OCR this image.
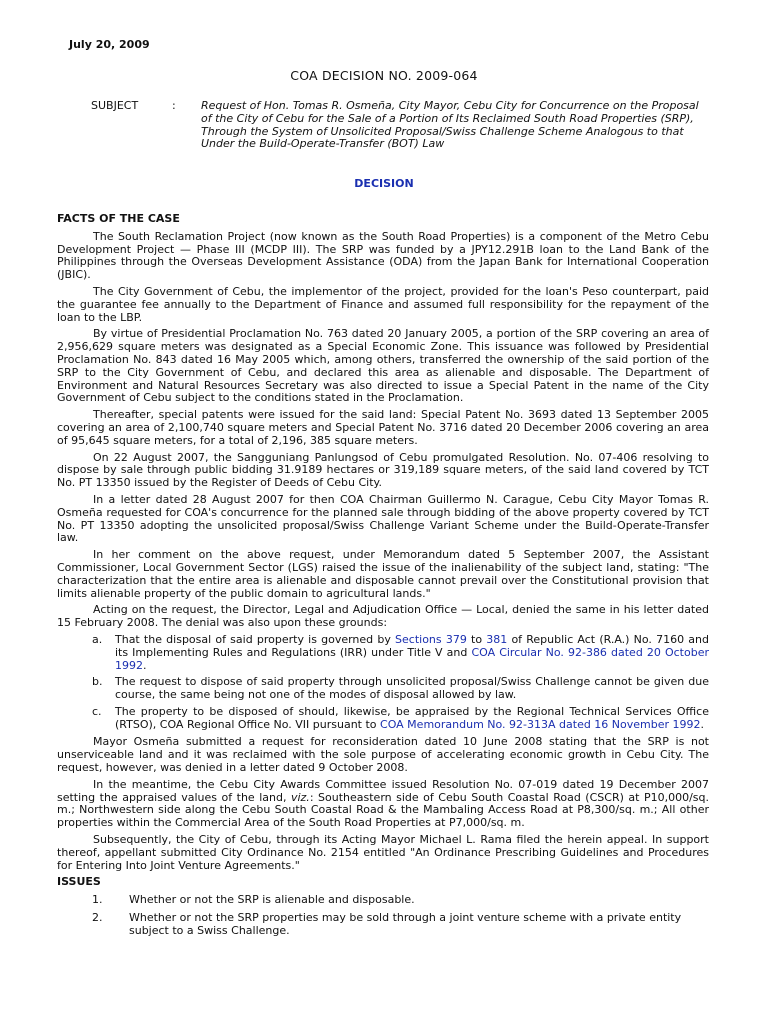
July 20, 2009
COA DECISION NO. 2009-064
SUBJECT	: Request of Hon. Tomas R. Osmeña, City Mayor, Cebu City for Concurrence on the Proposal of the City of Cebu for the Sale of a Portion of Its Reclaimed South Road Properties (SRP), Through the System of Unsolicited Proposal/Swiss Challenge Scheme Analogous to that Under the Build-Operate-Transfer (BOT) Law
DECISION
FACTS OF THE CASE

The South Reclamation Project (now known as the South Road Properties) is a component of the Metro Cebu Development Project — Phase III (MCDP III). The SRP was funded by a JPY12.291B loan to the Land Bank of the Philippines through the Overseas Development Assistance (ODA) from the Japan Bank for International Cooperation (JBIC).

The City Government of Cebu, the implementor of the project, provided for the loan's Peso counterpart, paid the guarantee fee annually to the Department of Finance and assumed full responsibility for the repayment of the loan to the LBP.

By virtue of Presidential Proclamation No. 763 dated 20 January 2005, a portion of the SRP covering an area of 2,956,629 square meters was designated as a Special Economic Zone. This issuance was followed by Presidential Proclamation No. 843 dated 16 May 2005 which, among others, transferred the ownership of the said portion of the SRP to the City Government of Cebu, and declared this area as alienable and disposable. The Department of Environment and Natural Resources Secretary was also directed to issue a Special Patent in the name of the City Government of Cebu subject to the conditions stated in the Proclamation.

Thereafter, special patents were issued for the said land: Special Patent No. 3693 dated 13 September 2005 covering an area of 2,100,740 square meters and Special Patent No. 3716 dated 20 December 2006 covering an area of 95,645 square meters, for a total of 2,196, 385 square meters.

On 22 August 2007, the Sangguniang Panlungsod of Cebu promulgated Resolution. No. 07-406 resolving to dispose by sale through public bidding 31.9189 hectares or 319,189 square meters, of the said land covered by TCT No. PT 13350 issued by the Register of Deeds of Cebu City.

In a letter dated 28 August 2007 for then COA Chairman Guillermo N. Carague, Cebu City Mayor Tomas R. Osmeña requested for COA's concurrence for the planned sale through bidding of the above property covered by TCT No. PT 13350 adopting the unsolicited proposal/Swiss Challenge Variant Scheme under the Build-Operate-Transfer law.

In her comment on the above request, under Memorandum dated 5 September 2007, the Assistant Commissioner, Local Government Sector (LGS) raised the issue of the inalienability of the subject land, stating: "The characterization that the entire area is alienable and disposable cannot prevail over the Constitutional provision that limits alienable property of the public domain to agricultural lands."

Acting on the request, the Director, Legal and Adjudication Office — Local, denied the same in his letter dated 15 February 2008. The denial was also upon these grounds:

a. That the disposal of said property is governed by Sections 379 to 381 of Republic Act (R.A.) No. 7160 and its Implementing Rules and Regulations (IRR) under Title V and COA Circular No. 92-386 dated 20 October 1992.
b. The request to dispose of said property through unsolicited proposal/Swiss Challenge cannot be given due course, the same being not one of the modes of disposal allowed by law.
c. The property to be disposed of should, likewise, be appraised by the Regional Technical Services Office (RTSO), COA Regional Office No. VII pursuant to COA Memorandum No. 92-313A dated 16 November 1992.

Mayor Osmeña submitted a request for reconsideration dated 10 June 2008 stating that the SRP is not unserviceable land and it was reclaimed with the sole purpose of accelerating economic growth in Cebu City. The request, however, was denied in a letter dated 9 October 2008.

In the meantime, the Cebu City Awards Committee issued Resolution No. 07-019 dated 19 December 2007 setting the appraised values of the land, viz.: Southeastern side of Cebu South Coastal Road (CSCR) at P10,000/sq. m.; Northwestern side along the Cebu South Coastal Road & the Mambaling Access Road at P8,300/sq. m.; All other properties within the Commercial Area of the South Road Properties at P7,000/sq. m.

Subsequently, the City of Cebu, through its Acting Mayor Michael L. Rama filed the herein appeal. In support thereof, appellant submitted City Ordinance No. 2154 entitled "An Ordinance Prescribing Guidelines and Procedures for Entering Into Joint Venture Agreements."

ISSUES
1. Whether or not the SRP is alienable and disposable.
2. Whether or not the SRP properties may be sold through a joint venture scheme with a private entity subject to a Swiss Challenge.
